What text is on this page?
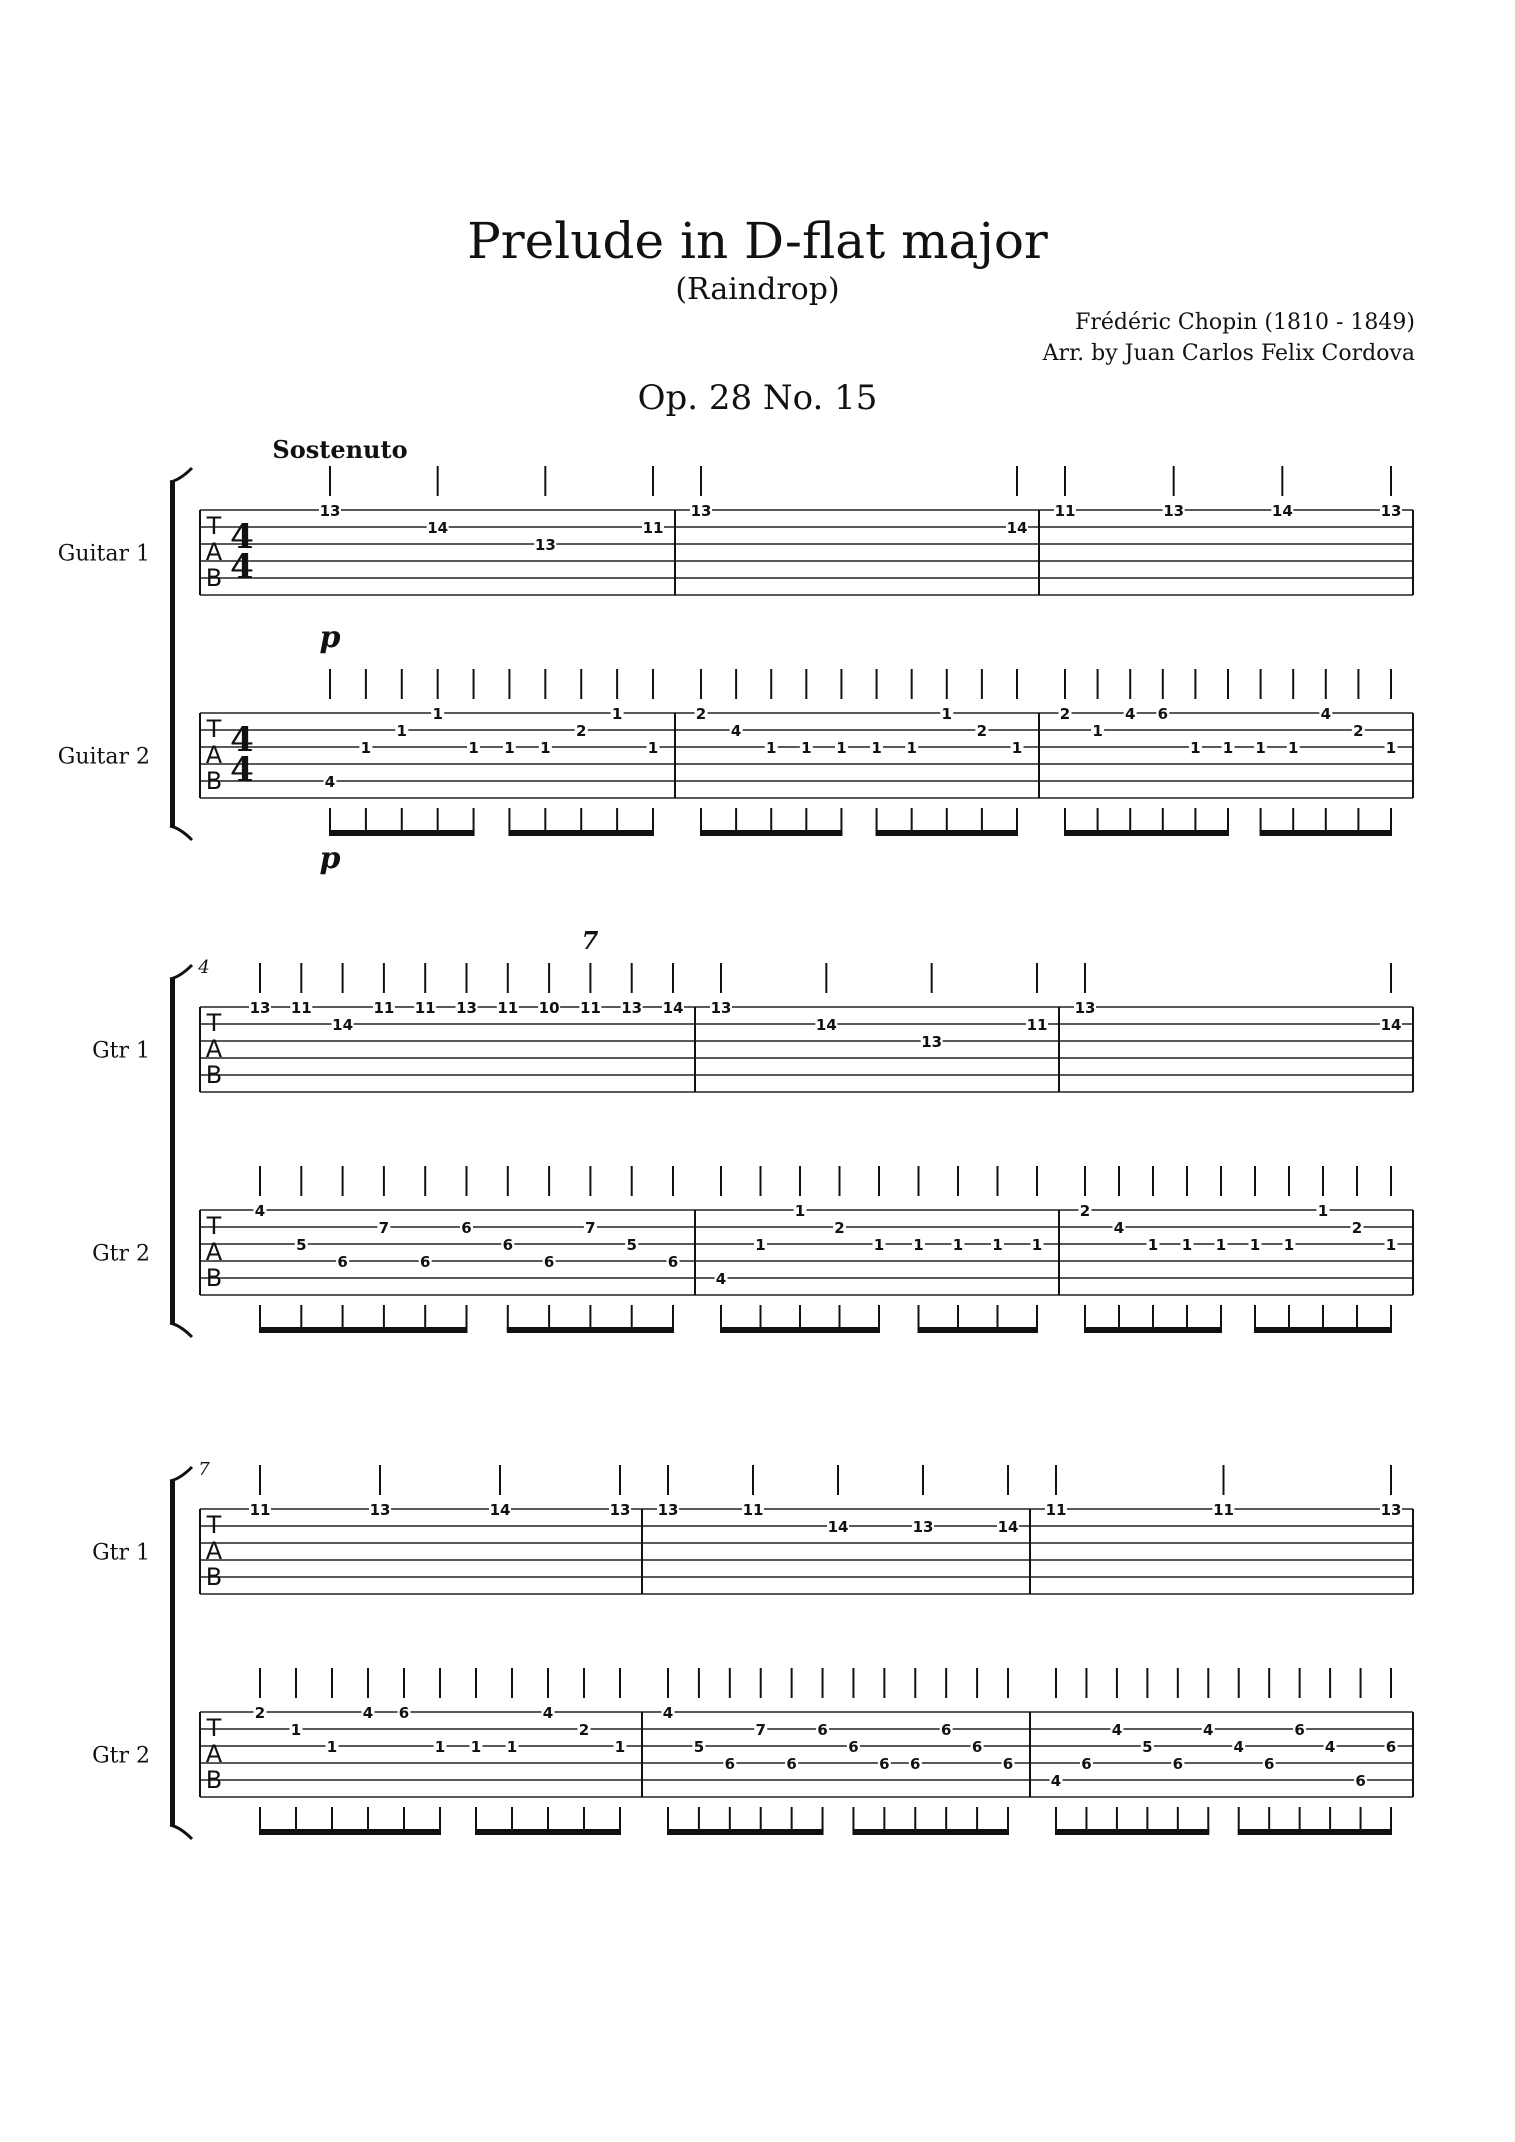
Prelude in D-flat major
(Raindrop)
Frédéric Chopin (1810 - 1849)
Arr. by Juan Carlos Felix Cordova
Op. 28 No. 15
Guitar 1
T
A
B
4
4
Guitar 2
T
A
B
4
4
13
14
13
11
4
1
1
1
1 1 1
2
1
1
13
14
2
4
1 1 1 1 1
1
2
1
11	13	14	13
2
1
4 6
1 1 1 1
4
2
1
Sostenuto
p
p
4
Gtr 1
T
A
B
Gtr 2
T
A
B
13 11
14
11 11 13 11 10 11 13 14
4
5
6
7
6
6
6
6
7
5
6
13
14
13
11
4
1
1
2
1 1 1 1 1
13
14
2
4
1 1 1 1 1
1
2
1
7
7
Gtr 1
T
A
B
Gtr 2
T
A
B
11	13	14	13
2
1
1
4 6
1 1 1
4
2
1
13	11
14	13	14
4
5
6
7
6
6
6
6 6
6
6
6
11	11	13
4
6
4
5
6
4
4
6
6
4
6
6
